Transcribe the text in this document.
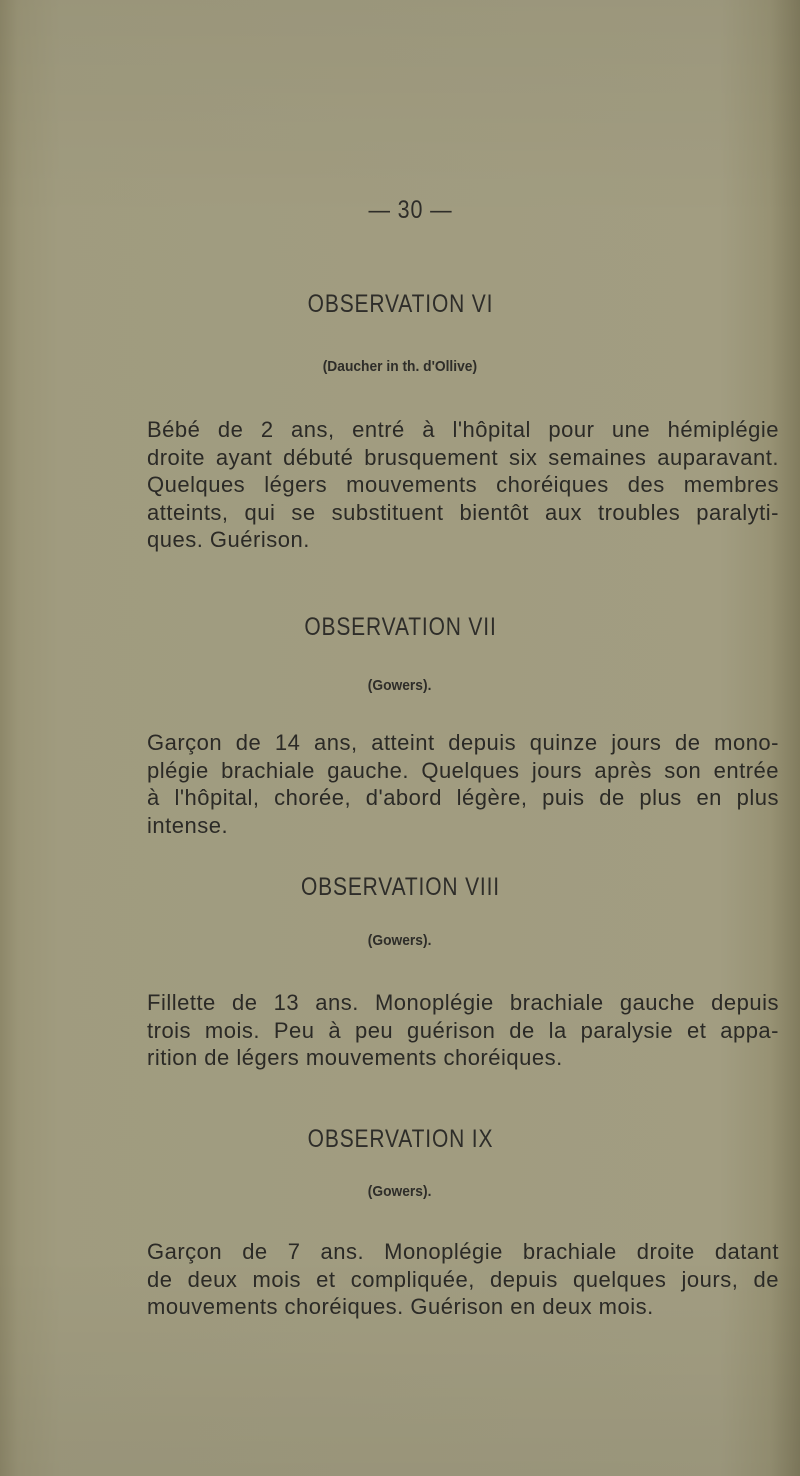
— 30 —
OBSERVATION VI
(Daucher in th. d'Ollive)
Bébé de 2 ans, entré à l'hôpital pour une hémiplégie
droite ayant débuté brusquement six semaines auparavant.
Quelques légers mouvements choréiques des membres
atteints, qui se substituent bientôt aux troubles paralyti-
ques. Guérison.
OBSERVATION VII
(Gowers).
Garçon de 14 ans, atteint depuis quinze jours de mono-
plégie brachiale gauche. Quelques jours après son entrée
à l'hôpital, chorée, d'abord légère, puis de plus en plus
intense.
OBSERVATION VIII
(Gowers).
Fillette de 13 ans. Monoplégie brachiale gauche depuis
trois mois. Peu à peu guérison de la paralysie et appa-
rition de légers mouvements choréiques.
OBSERVATION IX
(Gowers).
Garçon de 7 ans. Monoplégie brachiale droite datant
de deux mois et compliquée, depuis quelques jours, de
mouvements choréiques. Guérison en deux mois.
